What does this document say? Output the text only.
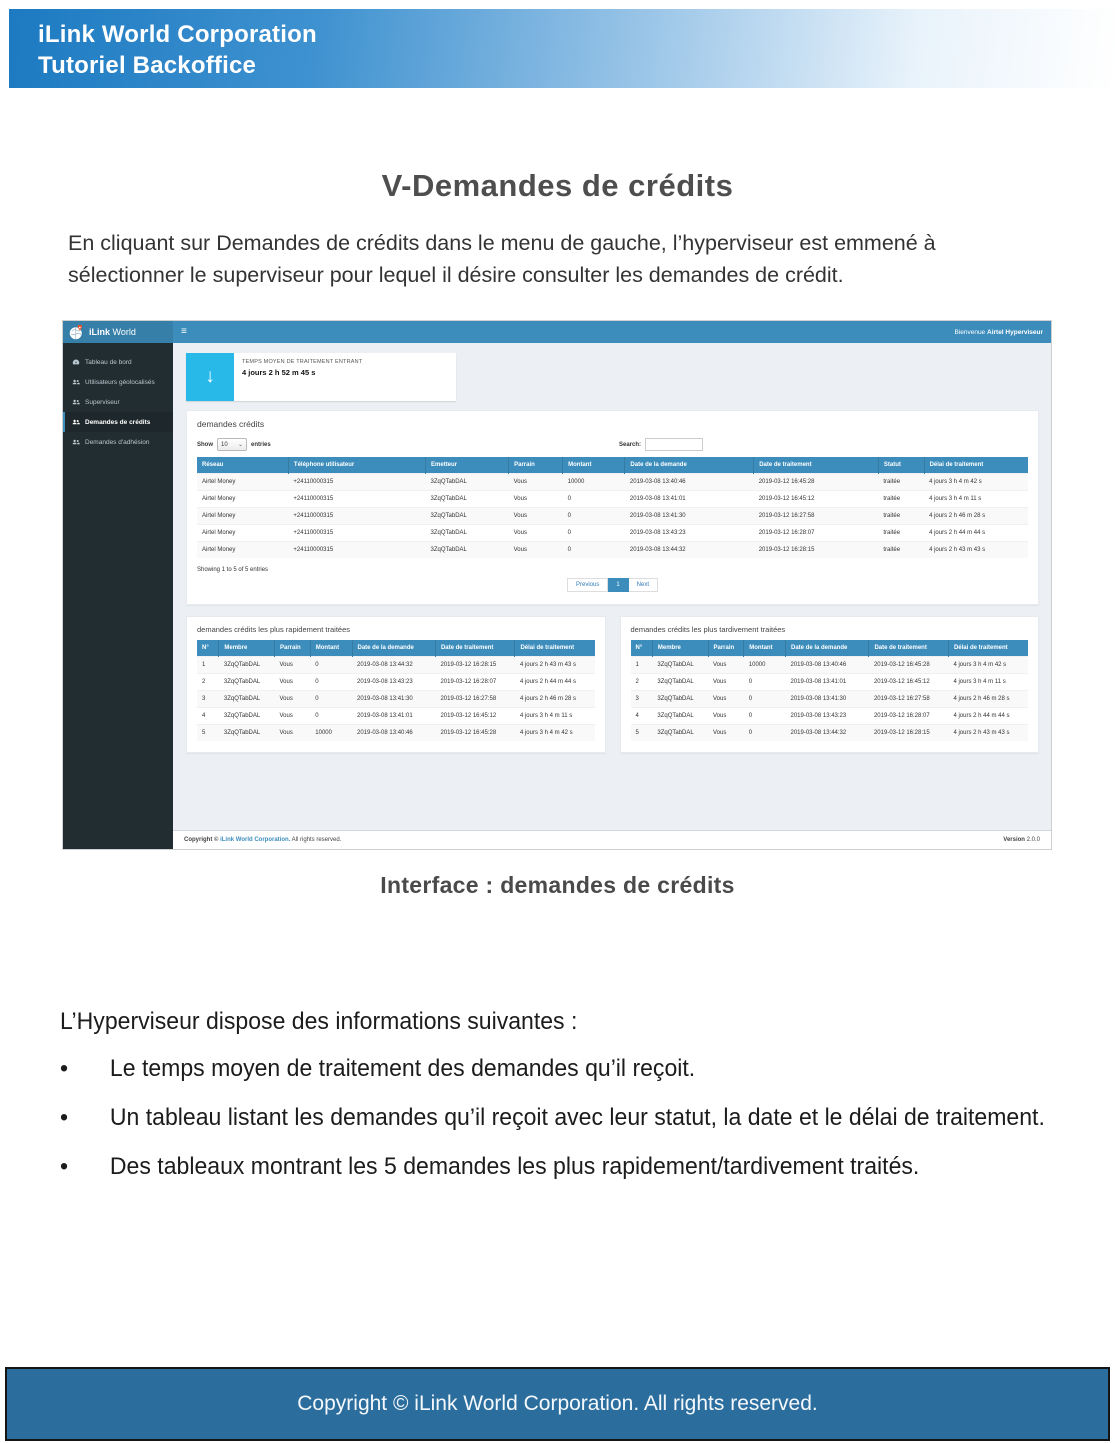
iLink World Corporation
Tutoriel Backoffice
V-Demandes de crédits
En cliquant sur Demandes de crédits dans le menu de gauche, l’hyperviseur est emmené à sélectionner le superviseur pour lequel il désire consulter les demandes de crédit.
iLink World	≡	Bienvenue Airtel Hyperviseur
Tableau de bord
Utilisateurs géolocalisés
Superviseur
Demandes de crédits
Demandes d'adhésion
↓
TEMPS MOYEN DE TRAITEMENT ENTRANT
4 jours 2 h 52 m 45 s
demandes crédits
Show 10 ⌄ entries	Search:
Réseau	Téléphone utilisateur	Emetteur	Parrain	Montant	Date de la demande	Date de traitement	Statut	Délai de traitement
Airtel Money	+24110000315	3ZqQTabDAL	Vous	10000	2019-03-08 13:40:46	2019-03-12 16:45:28	traitée	4 jours 3 h 4 m 42 s
Airtel Money	+24110000315	3ZqQTabDAL	Vous	0	2019-03-08 13:41:01	2019-03-12 16:45:12	traitée	4 jours 3 h 4 m 11 s
Airtel Money	+24110000315	3ZqQTabDAL	Vous	0	2019-03-08 13:41:30	2019-03-12 16:27:58	traitée	4 jours 2 h 46 m 28 s
Airtel Money	+24110000315	3ZqQTabDAL	Vous	0	2019-03-08 13:43:23	2019-03-12 16:28:07	traitée	4 jours 2 h 44 m 44 s
Airtel Money	+24110000315	3ZqQTabDAL	Vous	0	2019-03-08 13:44:32	2019-03-12 16:28:15	traitée	4 jours 2 h 43 m 43 s
Showing 1 to 5 of 5 entries
Previous	1	Next
demandes crédits les plus rapidement traitées
N°	Membre	Parrain	Montant	Date de la demande	Date de traitement	Délai de traitement
1	3ZqQTabDAL	Vous	0	2019-03-08 13:44:32	2019-03-12 16:28:15	4 jours 2 h 43 m 43 s
2	3ZqQTabDAL	Vous	0	2019-03-08 13:43:23	2019-03-12 16:28:07	4 jours 2 h 44 m 44 s
3	3ZqQTabDAL	Vous	0	2019-03-08 13:41:30	2019-03-12 16:27:58	4 jours 2 h 46 m 28 s
4	3ZqQTabDAL	Vous	0	2019-03-08 13:41:01	2019-03-12 16:45:12	4 jours 3 h 4 m 11 s
5	3ZqQTabDAL	Vous	10000	2019-03-08 13:40:46	2019-03-12 16:45:28	4 jours 3 h 4 m 42 s
demandes crédits les plus tardivement traitées
N°	Membre	Parrain	Montant	Date de la demande	Date de traitement	Délai de traitement
1	3ZqQTabDAL	Vous	10000	2019-03-08 13:40:46	2019-03-12 16:45:28	4 jours 3 h 4 m 42 s
2	3ZqQTabDAL	Vous	0	2019-03-08 13:41:01	2019-03-12 16:45:12	4 jours 3 h 4 m 11 s
3	3ZqQTabDAL	Vous	0	2019-03-08 13:41:30	2019-03-12 16:27:58	4 jours 2 h 46 m 28 s
4	3ZqQTabDAL	Vous	0	2019-03-08 13:43:23	2019-03-12 16:28:07	4 jours 2 h 44 m 44 s
5	3ZqQTabDAL	Vous	0	2019-03-08 13:44:32	2019-03-12 16:28:15	4 jours 2 h 43 m 43 s
Copyright © iLink World Corporation. All rights reserved.	Version 2.0.0
Interface : demandes de crédits
L’Hyperviseur dispose des informations suivantes :
•	Le temps moyen de traitement des demandes qu’il reçoit.
•	Un tableau listant les demandes qu’il reçoit avec leur statut, la date et le délai de traitement.
•	Des tableaux montrant les 5 demandes les plus rapidement/tardivement traités.
Copyright © iLink World Corporation. All rights reserved.
